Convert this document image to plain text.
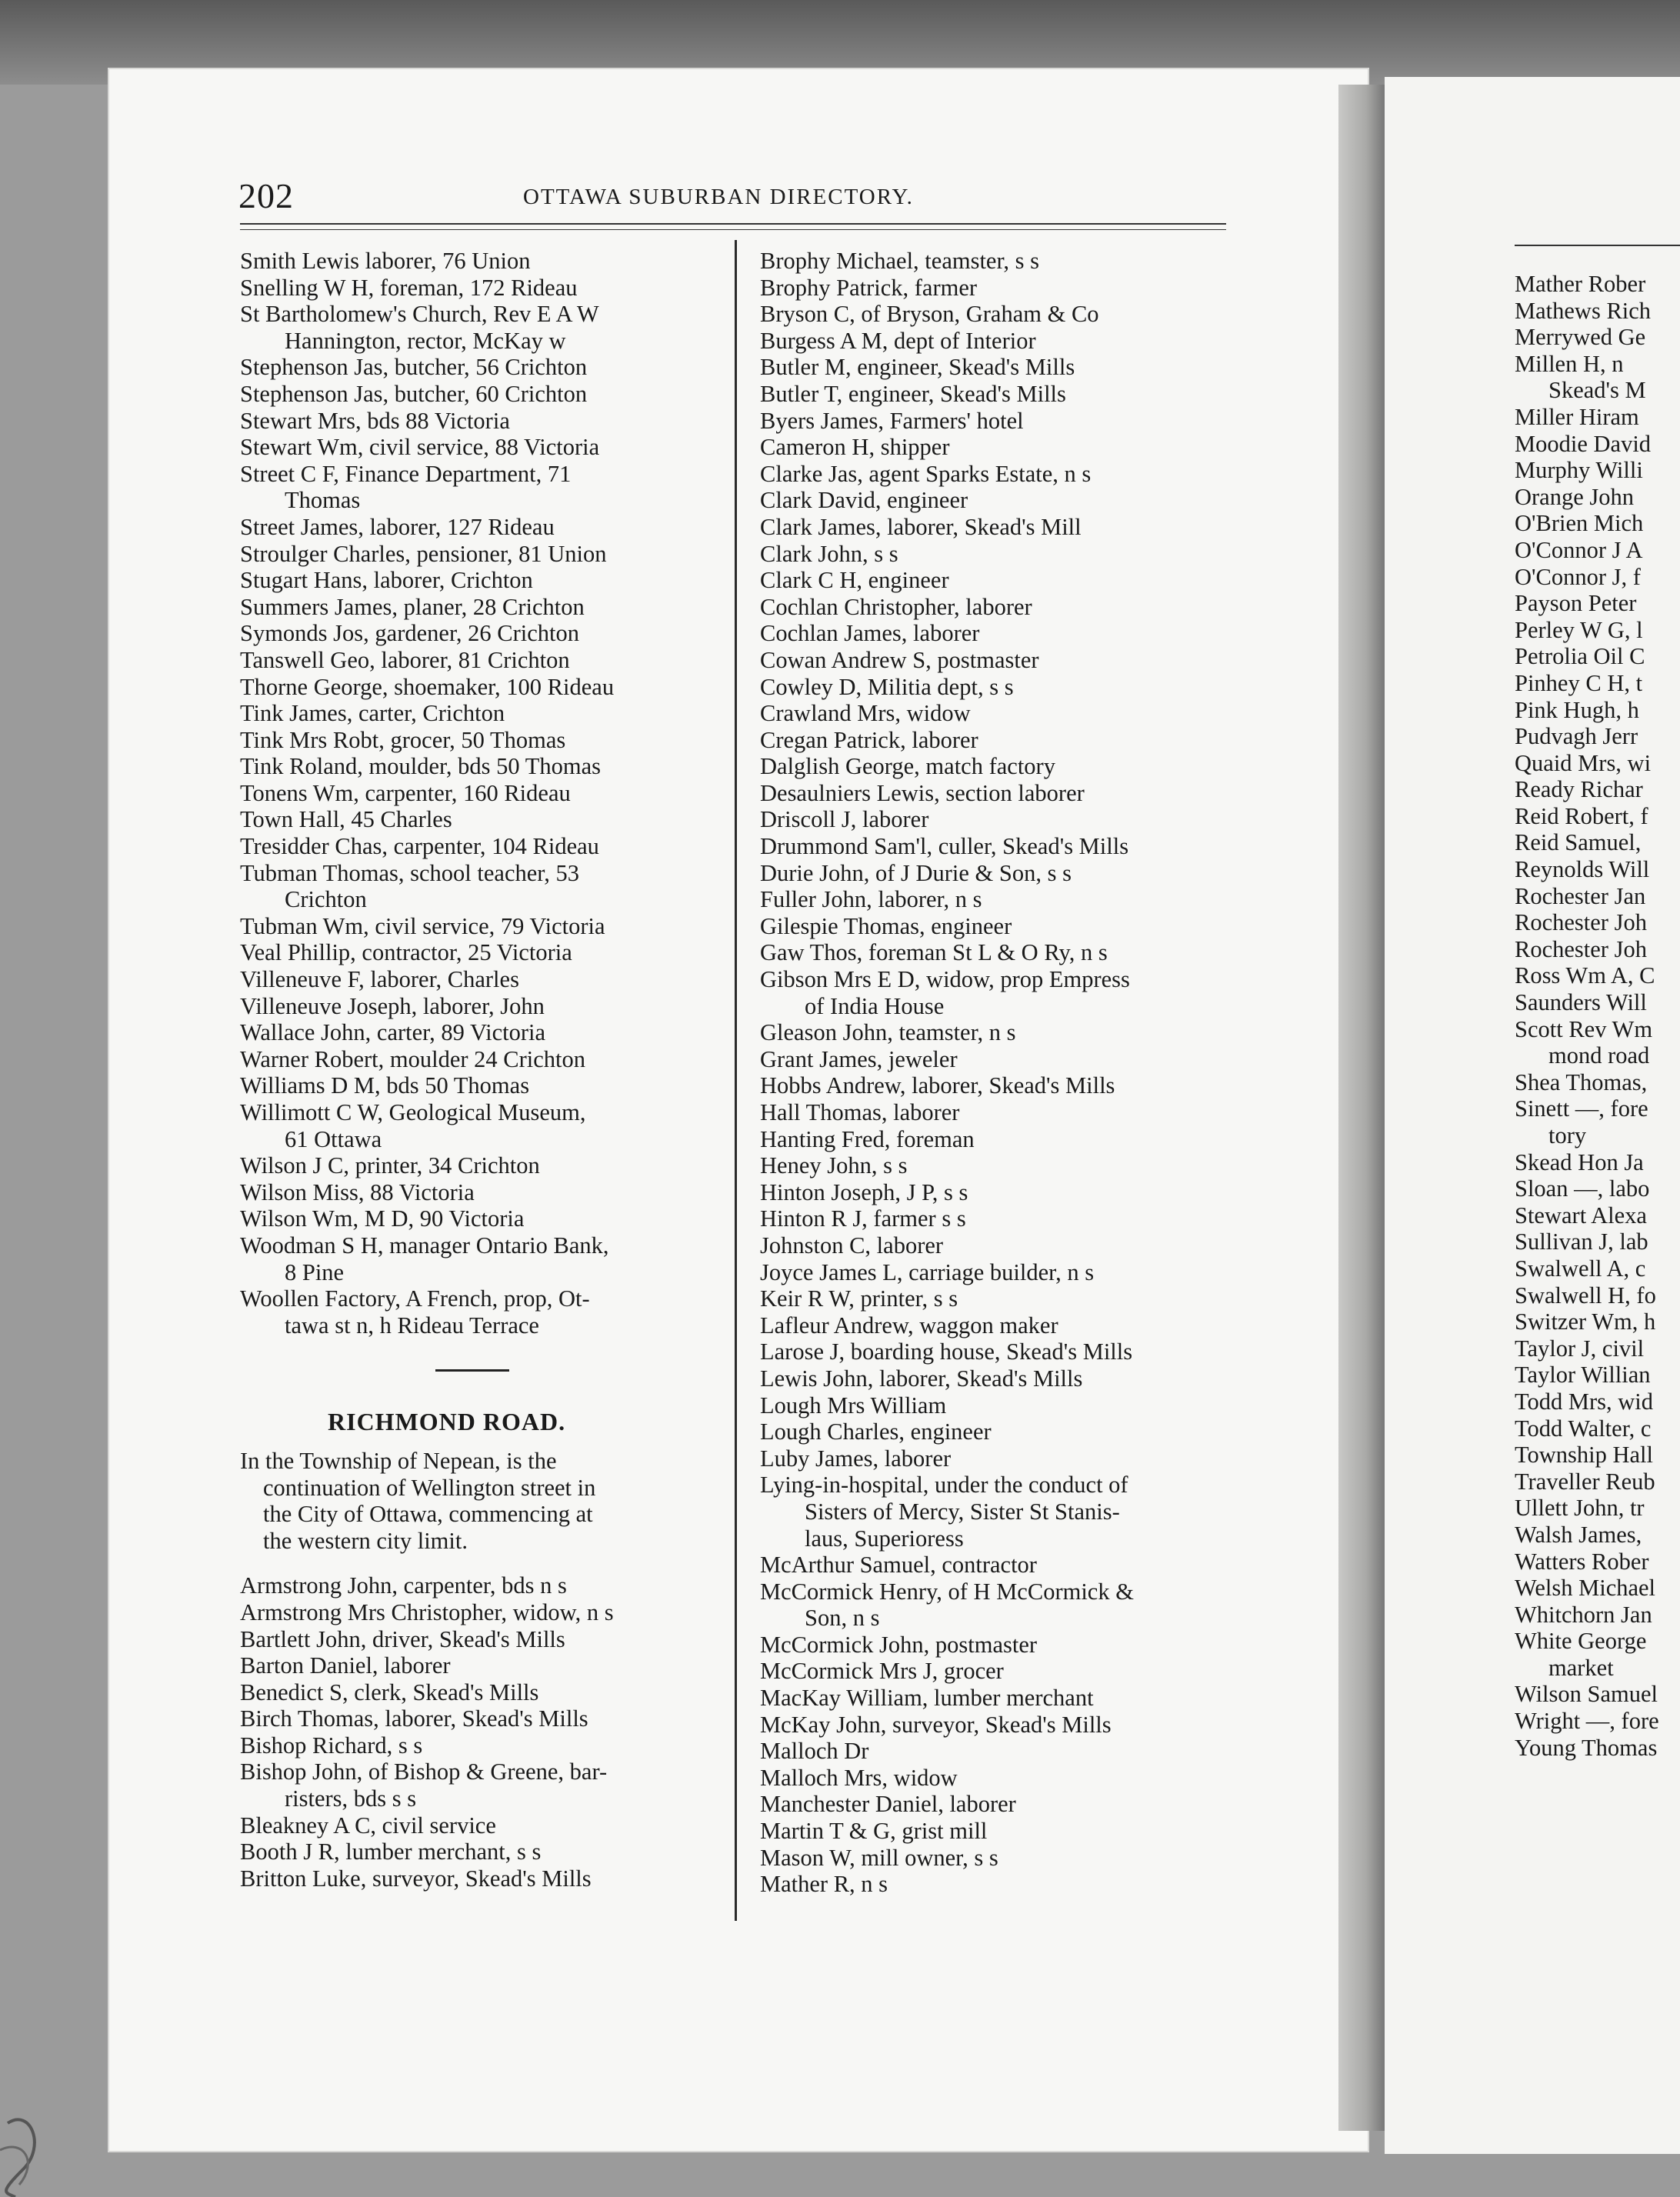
202	OTTAWA SUBURBAN DIRECTORY.
Smith Lewis laborer, 76 Union
Snelling W H, foreman, 172 Rideau
St Bartholomew's Church, Rev E A W
Hannington, rector, McKay w
Stephenson Jas, butcher, 56 Crichton
Stephenson Jas, butcher, 60 Crichton
Stewart Mrs, bds 88 Victoria
Stewart Wm, civil service, 88 Victoria
Street C F, Finance Department, 71
Thomas
Street James, laborer, 127 Rideau
Stroulger Charles, pensioner, 81 Union
Stugart Hans, laborer, Crichton
Summers James, planer, 28 Crichton
Symonds Jos, gardener, 26 Crichton
Tanswell Geo, laborer, 81 Crichton
Thorne George, shoemaker, 100 Rideau
Tink James, carter, Crichton
Tink Mrs Robt, grocer, 50 Thomas
Tink Roland, moulder, bds 50 Thomas
Tonens Wm, carpenter, 160 Rideau
Town Hall, 45 Charles
Tresidder Chas, carpenter, 104 Rideau
Tubman Thomas, school teacher, 53
Crichton
Tubman Wm, civil service, 79 Victoria
Veal Phillip, contractor, 25 Victoria
Villeneuve F, laborer, Charles
Villeneuve Joseph, laborer, John
Wallace John, carter, 89 Victoria
Warner Robert, moulder 24 Crichton
Williams D M, bds 50 Thomas
Willimott C W, Geological Museum,
61 Ottawa
Wilson J C, printer, 34 Crichton
Wilson Miss, 88 Victoria
Wilson Wm, M D, 90 Victoria
Woodman S H, manager Ontario Bank,
8 Pine
Woollen Factory, A French, prop, Ot-
tawa st n, h Rideau Terrace
RICHMOND ROAD.
In the Township of Nepean, is the
continuation of Wellington street in
the City of Ottawa, commencing at
the western city limit.
Armstrong John, carpenter, bds n s
Armstrong Mrs Christopher, widow, n s
Bartlett John, driver, Skead's Mills
Barton Daniel, laborer
Benedict S, clerk, Skead's Mills
Birch Thomas, laborer, Skead's Mills
Bishop Richard, s s
Bishop John, of Bishop & Greene, bar-
risters, bds s s
Bleakney A C, civil service
Booth J R, lumber merchant, s s
Britton Luke, surveyor, Skead's Mills
Brophy Michael, teamster, s s
Brophy Patrick, farmer
Bryson C, of Bryson, Graham & Co
Burgess A M, dept of Interior
Butler M, engineer, Skead's Mills
Butler T, engineer, Skead's Mills
Byers James, Farmers' hotel
Cameron H, shipper
Clarke Jas, agent Sparks Estate, n s
Clark David, engineer
Clark James, laborer, Skead's Mill
Clark John, s s
Clark C H, engineer
Cochlan Christopher, laborer
Cochlan James, laborer
Cowan Andrew S, postmaster
Cowley D, Militia dept, s s
Crawland Mrs, widow
Cregan Patrick, laborer
Dalglish George, match factory
Desaulniers Lewis, section laborer
Driscoll J, laborer
Drummond Sam'l, culler, Skead's Mills
Durie John, of J Durie & Son, s s
Fuller John, laborer, n s
Gilespie Thomas, engineer
Gaw Thos, foreman St L & O Ry, n s
Gibson Mrs E D, widow, prop Empress
of India House
Gleason John, teamster, n s
Grant James, jeweler
Hobbs Andrew, laborer, Skead's Mills
Hall Thomas, laborer
Hanting Fred, foreman
Heney John, s s
Hinton Joseph, J P, s s
Hinton R J, farmer s s
Johnston C, laborer
Joyce James L, carriage builder, n s
Keir R W, printer, s s
Lafleur Andrew, waggon maker
Larose J, boarding house, Skead's Mills
Lewis John, laborer, Skead's Mills
Lough Mrs William
Lough Charles, engineer
Luby James, laborer
Lying-in-hospital, under the conduct of
Sisters of Mercy, Sister St Stanis-
laus, Superioress
McArthur Samuel, contractor
McCormick Henry, of H McCormick &
Son, n s
McCormick John, postmaster
McCormick Mrs J, grocer
MacKay William, lumber merchant
McKay John, surveyor, Skead's Mills
Malloch Dr
Malloch Mrs, widow
Manchester Daniel, laborer
Martin T & G, grist mill
Mason W, mill owner, s s
Mather R, n s
Mather Rober
Mathews Rich
Merrywed Ge
Millen H, n
Skead's M
Miller Hiram
Moodie David
Murphy Willi
Orange John
O'Brien Mich
O'Connor J A
O'Connor J, f
Payson Peter
Perley W G, l
Petrolia Oil C
Pinhey C H, t
Pink Hugh, h
Pudvagh Jerr
Quaid Mrs, wi
Ready Richar
Reid Robert, f
Reid Samuel,
Reynolds Will
Rochester Jan
Rochester Joh
Rochester Joh
Ross Wm A, C
Saunders Will
Scott Rev Wm
mond road
Shea Thomas,
Sinett —, fore
tory
Skead Hon Ja
Sloan —, labo
Stewart Alexa
Sullivan J, lab
Swalwell A, c
Swalwell H, fo
Switzer Wm, h
Taylor J, civil
Taylor Willian
Todd Mrs, wid
Todd Walter, c
Township Hall
Traveller Reub
Ullett John, tr
Walsh James,
Watters Rober
Welsh Michael
Whitchorn Jan
White George
market
Wilson Samuel
Wright —, fore
Young Thomas
